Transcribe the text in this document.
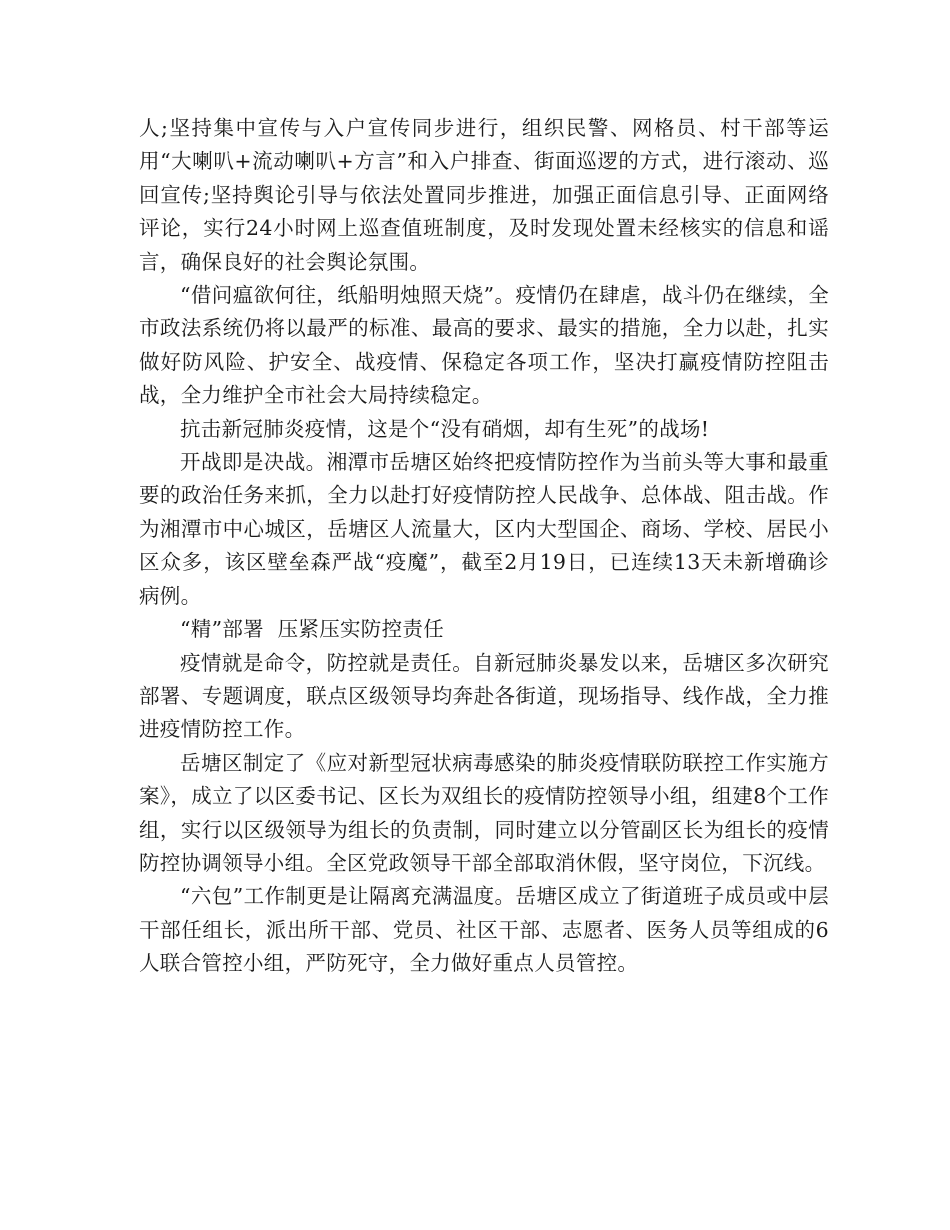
人;坚持集中宣传与入户宣传同步进行，组织民警、网格员、村干部等运用“大喇叭+流动喇叭+方言”和入户排查、街面巡逻的方式，进行滚动、巡回宣传;坚持舆论引导与依法处置同步推进，加强正面信息引导、正面网络评论，实行24小时网上巡查值班制度，及时发现处置未经核实的信息和谣言，确保良好的社会舆论氛围。

“借问瘟欲何往，纸船明烛照天烧”。疫情仍在肆虐，战斗仍在继续，全市政法系统仍将以最严的标准、最高的要求、最实的措施，全力以赴，扎实做好防风险、护安全、战疫情、保稳定各项工作，坚决打赢疫情防控阻击战，全力维护全市社会大局持续稳定。

抗击新冠肺炎疫情，这是个“没有硝烟，却有生死”的战场!

开战即是决战。湘潭市岳塘区始终把疫情防控作为当前头等大事和最重要的政治任务来抓，全力以赴打好疫情防控人民战争、总体战、阻击战。作为湘潭市中心城区，岳塘区人流量大，区内大型国企、商场、学校、居民小区众多，该区壁垒森严战“疫魔”，截至2月19日，已连续13天未新增确诊病例。

“精”部署  压紧压实防控责任

疫情就是命令，防控就是责任。自新冠肺炎暴发以来，岳塘区多次研究部署、专题调度，联点区级领导均奔赴各街道，现场指导、线作战，全力推进疫情防控工作。

岳塘区制定了《应对新型冠状病毒感染的肺炎疫情联防联控工作实施方案》，成立了以区委书记、区长为双组长的疫情防控领导小组，组建8个工作组，实行以区级领导为组长的负责制，同时建立以分管副区长为组长的疫情防控协调领导小组。全区党政领导干部全部取消休假，坚守岗位，下沉线。

“六包”工作制更是让隔离充满温度。岳塘区成立了街道班子成员或中层干部任组长，派出所干部、党员、社区干部、志愿者、医务人员等组成的6人联合管控小组，严防死守，全力做好重点人员管控。
